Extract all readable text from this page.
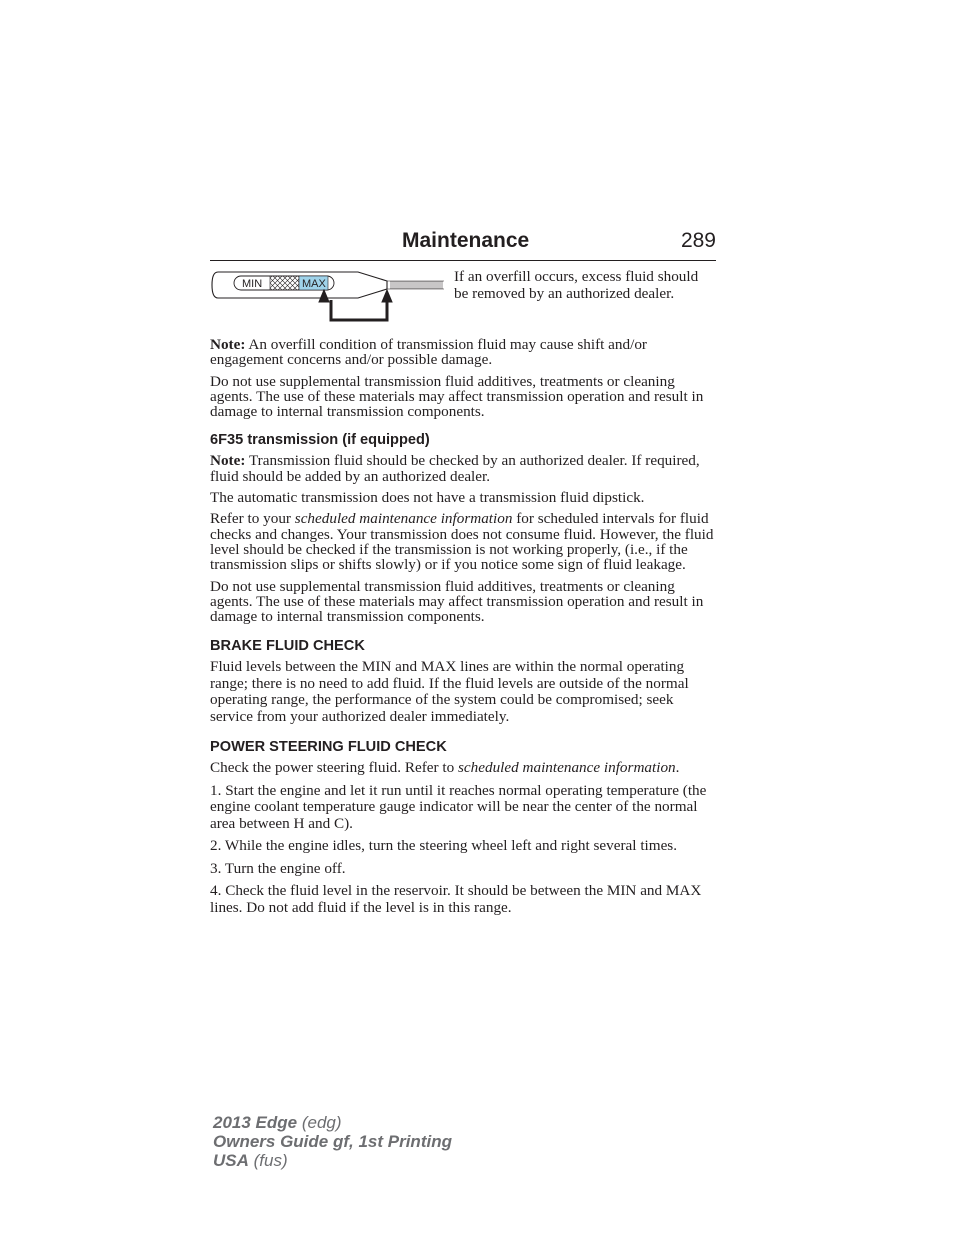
Maintenance	289
MIN	MAX	If an overfill occurs, excess fluid should be removed by an authorized dealer.

Note: An overfill condition of transmission fluid may cause shift and/or engagement concerns and/or possible damage.

Do not use supplemental transmission fluid additives, treatments or cleaning agents. The use of these materials may affect transmission operation and result in damage to internal transmission components.

6F35 transmission (if equipped)

Note: Transmission fluid should be checked by an authorized dealer. If required, fluid should be added by an authorized dealer.

The automatic transmission does not have a transmission fluid dipstick.

Refer to your scheduled maintenance information for scheduled intervals for fluid checks and changes. Your transmission does not consume fluid. However, the fluid level should be checked if the transmission is not working properly, (i.e., if the transmission slips or shifts slowly) or if you notice some sign of fluid leakage.

Do not use supplemental transmission fluid additives, treatments or cleaning agents. The use of these materials may affect transmission operation and result in damage to internal transmission components.

BRAKE FLUID CHECK

Fluid levels between the MIN and MAX lines are within the normal operating range; there is no need to add fluid. If the fluid levels are outside of the normal operating range, the performance of the system could be compromised; seek service from your authorized dealer immediately.

POWER STEERING FLUID CHECK

Check the power steering fluid. Refer to scheduled maintenance information.

1. Start the engine and let it run until it reaches normal operating temperature (the engine coolant temperature gauge indicator will be near the center of the normal area between H and C).

2. While the engine idles, turn the steering wheel left and right several times.

3. Turn the engine off.

4. Check the fluid level in the reservoir. It should be between the MIN and MAX lines. Do not add fluid if the level is in this range.

2013 Edge (edg)
Owners Guide gf, 1st Printing
USA (fus)
